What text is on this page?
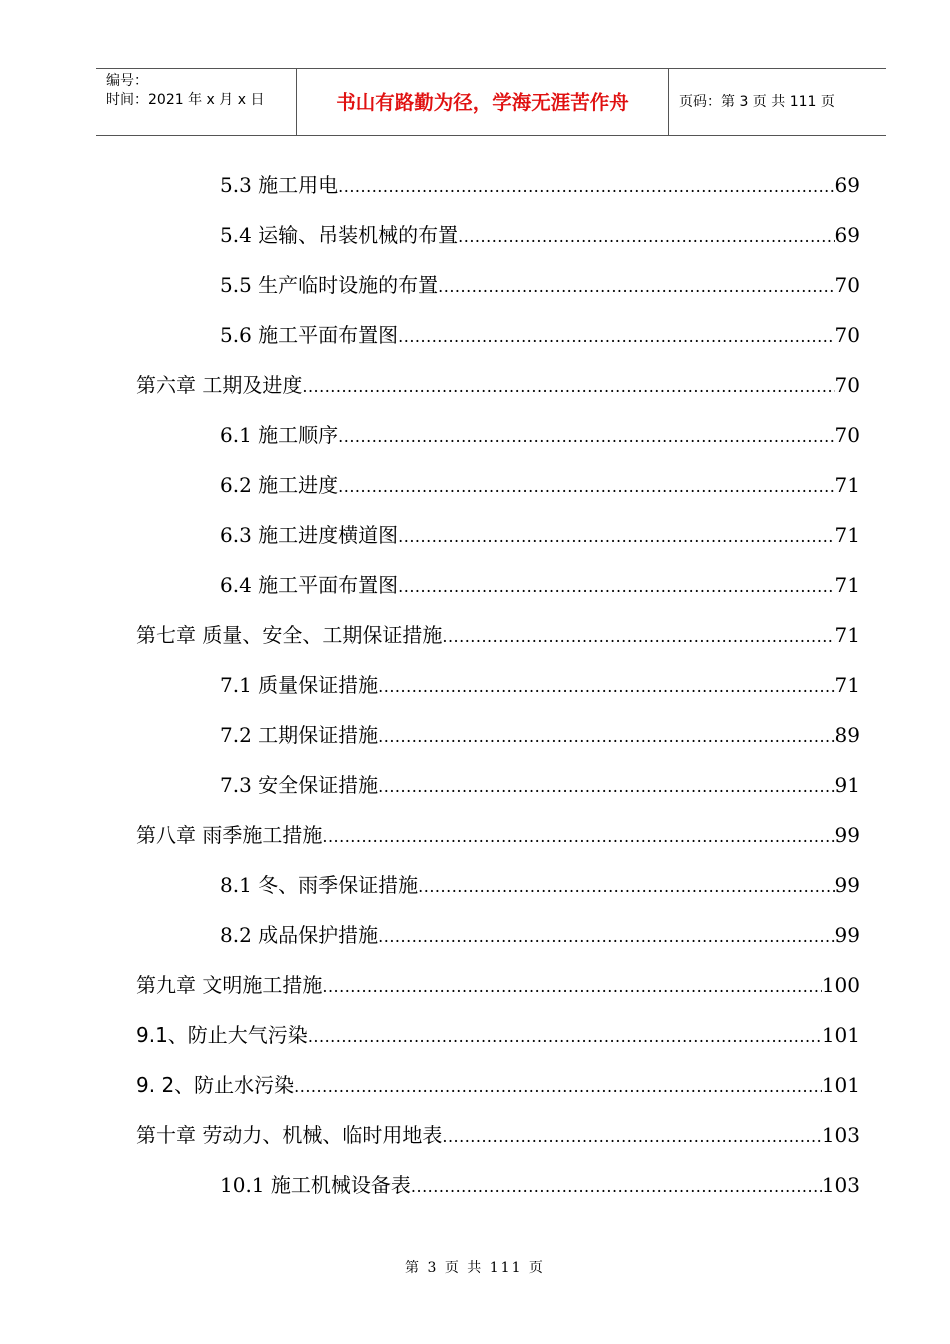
编号：
时间：2021 年 x 月 x 日	书山有路勤为径，学海无涯苦作舟	页码：第 3 页 共 111 页
5.3 施工用电 .....	69
5.4 运输、吊装机械的布置 .....	69
5.5 生产临时设施的布置 .....	70
5.6 施工平面布置图 .....	70
第六章 工期及进度 .....	70
6.1 施工顺序 .....	70
6.2 施工进度 .....	71
6.3 施工进度横道图 .....	71
6.4 施工平面布置图 .....	71
第七章 质量、安全、工期保证措施 .....	71
7.1 质量保证措施 .....	71
7.2 工期保证措施 .....	89
7.3 安全保证措施 .....	91
第八章 雨季施工措施 .....	99
8.1 冬、雨季保证措施 .....	99
8.2 成品保护措施 .....	99
第九章 文明施工措施 .....	100
9.1、防止大气污染 .....	101
9. 2、防止水污染 .....	101
第十章 劳动力、机械、临时用地表 .....	103
10.1 施工机械设备表 .....	103
第 3 页 共 111 页
